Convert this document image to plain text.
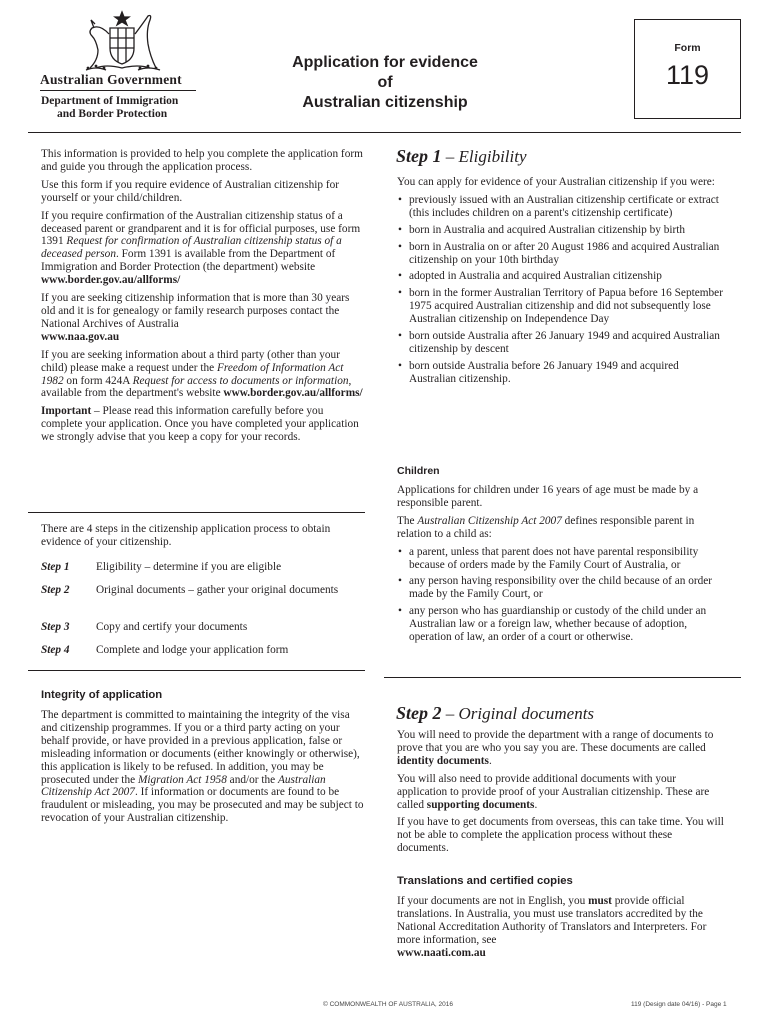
Australian Government
Department of Immigration
and Border Protection
Application for evidence of
Australian citizenship
Form
119

This information is provided to help you complete the application form and guide you through the application process.

Use this form if you require evidence of Australian citizenship for yourself or your child/children.

If you require confirmation of the Australian citizenship status of a deceased parent or grandparent and it is for official purposes, use form 1391 Request for confirmation of Australian citizenship status of a deceased person. Form 1391 is available from the Department of Immigration and Border Protection (the department) website

www.border.gov.au/allforms/

If you are seeking citizenship information that is more than 30 years old and it is for genealogy or family research purposes contact the National Archives of Australia

www.naa.gov.au

If you are seeking information about a third party (other than your child) please make a request under the Freedom of Information Act 1982 on form 424A Request for access to documents or information, available from the department's website www.border.gov.au/allforms/

Important – Please read this information carefully before you complete your application. Once you have completed your application we strongly advise that you keep a copy for your records.

There are 4 steps in the citizenship application process to obtain evidence of your citizenship.

Step 1 Eligibility – determine if you are eligible
Step 2 Original documents – gather your original documents
Step 3 Copy and certify your documents
Step 4 Complete and lodge your application form
Integrity of application

The department is committed to maintaining the integrity of the visa and citizenship programmes. If you or a third party acting on your behalf provide, or have provided in a previous application, false or misleading information or documents (either knowingly or otherwise), this application is likely to be refused. In addition, you may be prosecuted under the Migration Act 1958 and/or the Australian Citizenship Act 2007. If information or documents are found to be fraudulent or misleading, you may be prosecuted and may be subject to revocation of your Australian citizenship.

Step 1 – Eligibility

You can apply for evidence of your Australian citizenship if you were:

• previously issued with an Australian citizenship certificate or extract (this includes children on a parent's citizenship certificate)
• born in Australia and acquired Australian citizenship by birth
• born in Australia on or after 20 August 1986 and acquired Australian citizenship on your 10th birthday
• adopted in Australia and acquired Australian citizenship
• born in the former Australian Territory of Papua before 16 September 1975 acquired Australian citizenship and did not subsequently lose Australian citizenship on Independence Day
• born outside Australia after 26 January 1949 and acquired Australian citizenship by descent
• born outside Australia before 26 January 1949 and acquired Australian citizenship.
Children

Applications for children under 16 years of age must be made by a responsible parent.

The Australian Citizenship Act 2007 defines responsible parent in relation to a child as:

• a parent, unless that parent does not have parental responsibility because of orders made by the Family Court of Australia, or
• any person having responsibility over the child because of an order made by the Family Court, or
• any person who has guardianship or custody of the child under an Australian law or a foreign law, whether because of adoption, operation of law, an order of a court or otherwise.
Step 2 – Original documents

You will need to provide the department with a range of documents to prove that you are who you say you are. These documents are called identity documents.

You will also need to provide additional documents with your application to provide proof of your Australian citizenship. These are called supporting documents.

If you have to get documents from overseas, this can take time. You will not be able to complete the application process without these documents.

Translations and certified copies

If your documents are not in English, you must provide official translations. In Australia, you must use translators accredited by the National Accreditation Authority of Translators and Interpreters. For more information, see

www.naati.com.au

© COMMONWEALTH OF AUSTRALIA, 2016	119 (Design date 04/16) - Page 1
